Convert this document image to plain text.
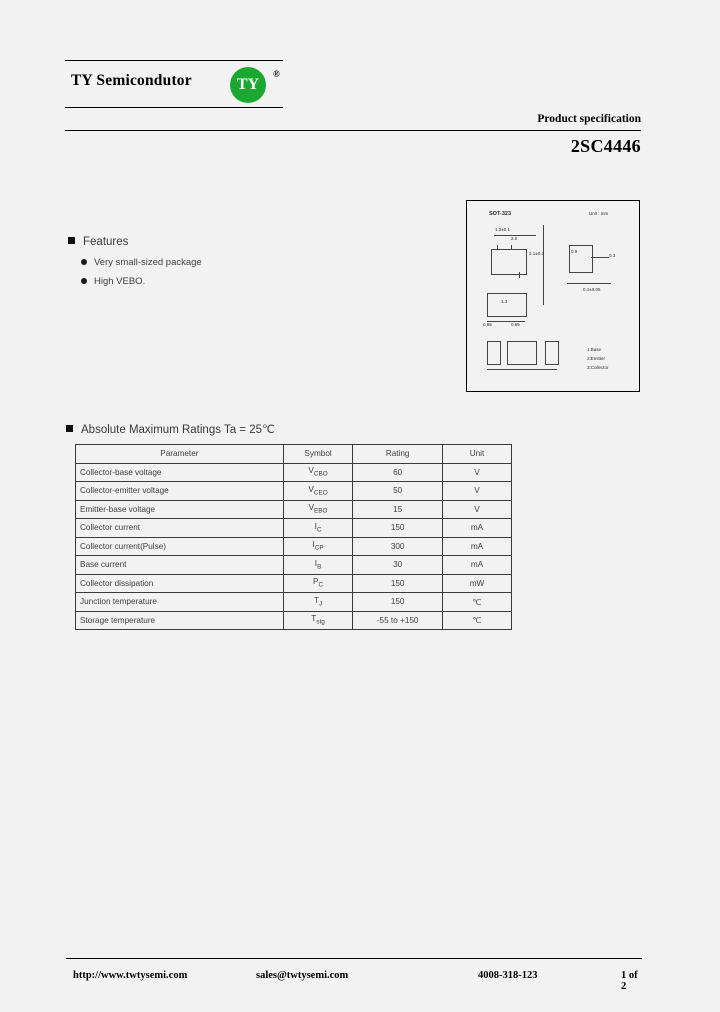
TY Semicondutor	®
TY
Product specification
2SC4446
Features
Very small-sized package
High VEBO.
SOT-323	Unit : mm
1.2±0.1
2.0
2.1±0.2	0.9
0.3
0.1±0.05
1.3
0.65	0.65
1:Base
2:Emitter
3:Collector
Absolute Maximum Ratings Ta = 25℃
Parameter	Symbol	Rating	Unit
Collector-base voltage	$V_{CBO}$	60	V
Collector-emitter voltage	$V_{CEO}$	50	V
Emitter-base voltage	$V_{EBO}$	15	V
Collector current	$I_C$	150	mA
Collector current(Pulse)	$I_{CP}$	300	mA
Base current	$I_B$	30	mA
Collector dissipation	$P_C$	150	mW
Junction temperature	$T_J$	150	℃
Storage temperature	$T_{stg}$	-55 to +150	℃
http://www.twtysemi.com	sales@twtysemi.com	4008-318-123	1 of 2
